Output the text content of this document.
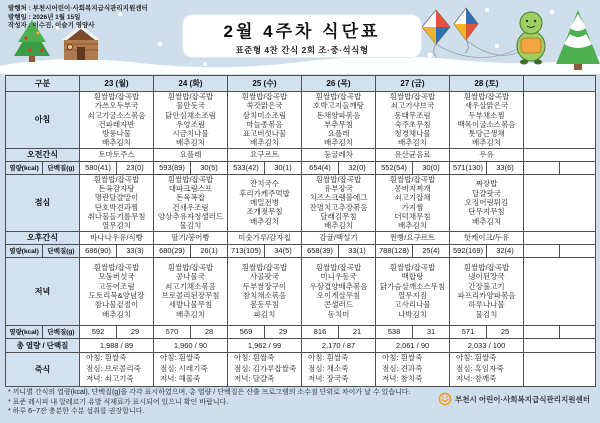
발행처 : 부천시어린이·사회복지급식관리지원센터
발행일 : 2026년 1월 15일
작성자 : 이수진, 이슬기 영양사	2월 4주차 식단표
표준형 4찬 간식 2회 조·중·석식형
구분		23 (월)		24 (화)		25 (수)		26 (목)		27 (금)		28 (토)			
아침	
흰쌀밥/잡곡밥
가쓰오두부국
쇠고기굴소스볶음
건파래자반
방풍나물
배추김치

흰쌀밥/잡곡밥
물만둣국
닭안심채소조림
우엉조림
시금치나물
배추김치

흰쌀밥/잡곡밥
쑥갓맑은국
삼치미소조림
마늘종볶음
표고버섯나물
배추김치

흰쌀밥/잡곡밥
호박고지들깨탕
돈채양파볶음
부추무침
요플레
배추김치

흰쌀밥/잡곡밥
쇠고기샤브국
동태무조림
숙주초무침
청경채나물
배추김치

흰쌀밥/잡곡밥
새우살맑은국
두부채소찜
백목이굴소스볶음
톳당근생채
배추김치

오전간식		토마토주스		요플레		요구르트		둥굴레차		유산균음료		우유			
열량(kcal)	단백질(g)	580(41)	23(0)	593(89)	30(5)	533(42)	30(1)	654(4)	32(0)	552(54)	30(0)	571(130)	33(6)		
점심	
흰쌀밥/잡곡밥
돈육감자탕
명란달걀말이
단호박견과찜
취나물들기름무침
열무김치

흰쌀밥/잡곡밥
대파크림스프
돈육폭찹
건새우조림
양상추유자청샐러드
물김치

잔치국수
후리가케주먹밥
메밀전병
조개젓무침
배추김치

흰쌀밥/잡곡밥
유부장국
치즈스크램블에그
잔멸치고추장볶음
달래김무침
배추김치

흰쌀밥/잡곡밥
콩비지찌개
쇠고기잡채
가지찜
더덕채무침
배추김치

짜장밥
달걀팟국
오징어링튀김
단무지무침
배추김치

오후간식		바나나우유/식빵		딸기/붕어빵		미숫가루/감자칩		감귤/백설기		찐빵/요구르트		핫케이크/두유			
열량(kcal)	단백질(g)	686(90)	33(3)	680(29)	26(1)	713(105)	34(5)	658(39)	33(1)	788(128)	25(4)	592(169)	32(4)		
저녁	
흰쌀밥/잡곡밥
모둠버섯국
고등어조림
도토리묵&양념장
참나물겉절이
배추김치

흰쌀밥/잡곡밥
콩나물국
쇠고기채소볶음
브로콜리된장무침
세발나물무침
배추김치

흰쌀밥/잡곡밥
사골팟국
두부쌈장구이
참치채소볶음
봄동무침
파김치

흰쌀밥/잡곡밥
미니우동국
우삼겹양배추볶음
오이게살무침
콘샐러드
동치미

흰쌀밥/잡곡밥
백합탕
닭가슴살깨소스무침
열무지짐
고사리나물
나박김치

흰쌀밥/잡곡밥
냉이된장국
간장불고기
파프리카양파볶음
하루나나물
물김치

열량(kcal)	단백질(g)	592	29	570	28	569	29	816	21	538	31	571	25		
총 열량 / 단백질		1,988 / 89		1,960 / 90		1,962 / 99		2,170 / 87		2,061 / 90		2,033 / 100			
죽식	
아침: 흰쌀죽
점심: 브로콜리죽
저녁: 쇠고기죽

아침: 흰쌀죽
점심: 시래기죽
저녁: 해물죽

아침: 흰쌀죽
점심: 김가루찹쌀죽
저녁: 달걀죽

아침: 흰쌀죽
점심: 채소죽
저녁: 장국죽

아침: 흰쌀죽
점심: 견과죽
저녁: 참치죽

아침: 흰쌀죽
점심: 흑임자죽
저녁: 참깨죽

* 끼니별 간식의 열량(kcal), 단백질(g)을 각각 표시하였으며, 총 열량 / 단백질은 산출 프로그램의 소수점 단위로 차이가 날 수 있습니다.
* 표준 레시피 내 알레르기 유발 식재료가 표시되어 있으니 확인 바랍니다.
* 하루 6~7잔 충분한 수분 섭취를 권장합니다.
부천시 어린이·사회복지급식관리지원센터
